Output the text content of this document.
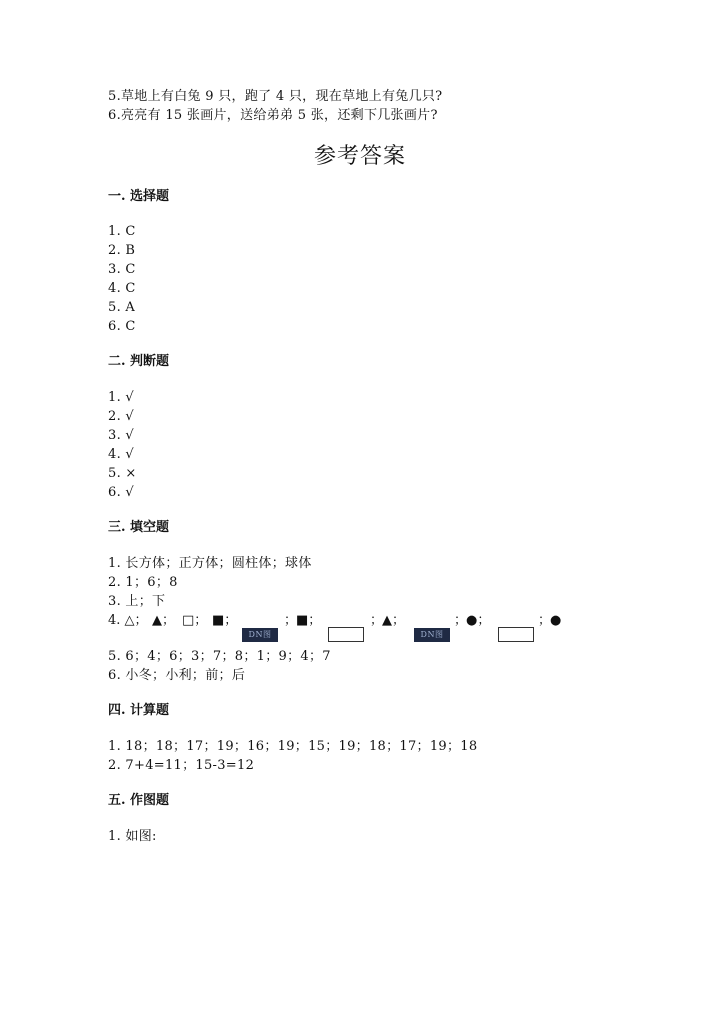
5.草地上有白兔 9 只，跑了 4 只，现在草地上有兔几只?
6.亮亮有 15 张画片，送给弟弟 5 张，还剩下几张画片?
参考答案
一. 选择题
1. C
2. B
3. C
4. C
5. A
6. C
二. 判断题
1. √
2. √
3. √
4. √
5. ×
6. √
三. 填空题
1. 长方体；正方体；圆柱体；球体
2. 1；6；8
3. 上；下
4. △； ▲； □； ■；
DN图
；
■；	；
▲；
DN图
；
●；	；
●
5. 6；4；6；3；7；8；1；9；4；7
6. 小冬；小利；前；后
四. 计算题
1. 18；18；17；19；16；19；15；19；18；17；19；18
2. 7+4=11；15-3=12
五. 作图题
1. 如图:
